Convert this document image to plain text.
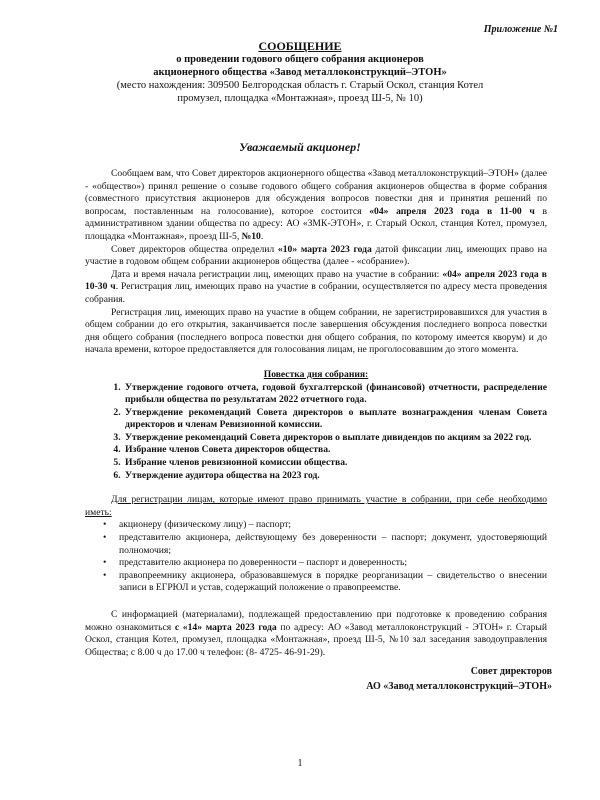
Приложение №1
СООБЩЕНИЕ
о проведении годового общего собрания акционеров
акционерного общества «Завод металлоконструкций–ЭТОН»
(место нахождения: 309500 Белгородская область г. Старый Оскол, станция Котел
промузел, площадка «Монтажная», проезд Ш-5, № 10)
Уважаемый акционер!

Сообщаем вам, что Совет директоров акционерного общества «Завод металлоконструкций–ЭТОН» (далее - «общество») принял решение о созыве годового общего собрания акционеров общества в форме собрания (совместного присутствия акционеров для обсуждения вопросов повестки дня и принятия решений по вопросам, поставленным на голосование), которое состоится «04» апреля 2023 года в 11-00 ч в административном здании общества по адресу: АО «ЗМК-ЭТОН», г. Старый Оскол, станция Котел, промузел, площадка «Монтажная», проезд Ш-5, №10.

Совет директоров общества определил «10» марта 2023 года датой фиксации лиц, имеющих право на участие в годовом общем собрании акционеров общества (далее - «собрание»).

Дата и время начала регистрации лиц, имеющих право на участие в собрании: «04» апреля 2023 года в 10-30 ч. Регистрация лиц, имеющих право на участие в собрании, осуществляется по адресу места проведения собрания.

Регистрация лиц, имеющих право на участие в общем собрании, не зарегистрировавшихся для участия в общем собрании до его открытия, заканчивается после завершения обсуждения последнего вопроса повестки дня общего собрания (последнего вопроса повестки дня общего собрания, по которому имеется кворум) и до начала времени, которое предоставляется для голосования лицам, не проголосовавшим до этого момента.

Повестка дня собрания:
1. Утверждение годового отчета, годовой бухгалтерской (финансовой) отчетности, распределение прибыли общества по результатам 2022 отчетного года.
2. Утверждение рекомендаций Совета директоров о выплате вознаграждения членам Совета директоров и членам Ревизионной комиссии.
3. Утверждение рекомендаций Совета директоров о выплате дивидендов по акциям за 2022 год.
4. Избрание членов Совета директоров общества.
5. Избрание членов ревизионной комиссии общества.
6. Утверждение аудитора общества на 2023 год.

Для регистрации лицам, которые имеют право принимать участие в собрании, при себе необходимо иметь:

• акционеру (физическому лицу) – паспорт;
• представителю акционера, действующему без доверенности – паспорт; документ, удостоверяющий полномочия;
• представителю акционера по доверенности – паспорт и доверенность;
• правопреемнику акционера, образовавшемуся в порядке реорганизации – свидетельство о внесении записи в ЕГРЮЛ и устав, содержащий положение о правопреемстве.

С информацией (материалами), подлежащей предоставлению при подготовке к проведению собрания можно ознакомиться с «14» марта 2023 года по адресу: АО «Завод металлоконструкций - ЭТОН» г. Старый Оскол, станция Котел, промузел, площадка «Монтажная», проезд Ш-5, №10 зал заседания заводоуправления Общества; с 8.00 ч до 17.00 ч телефон: (8- 4725- 46-91-29).

Совет директоров
АО «Завод металлоконструкций–ЭТОН»
1
